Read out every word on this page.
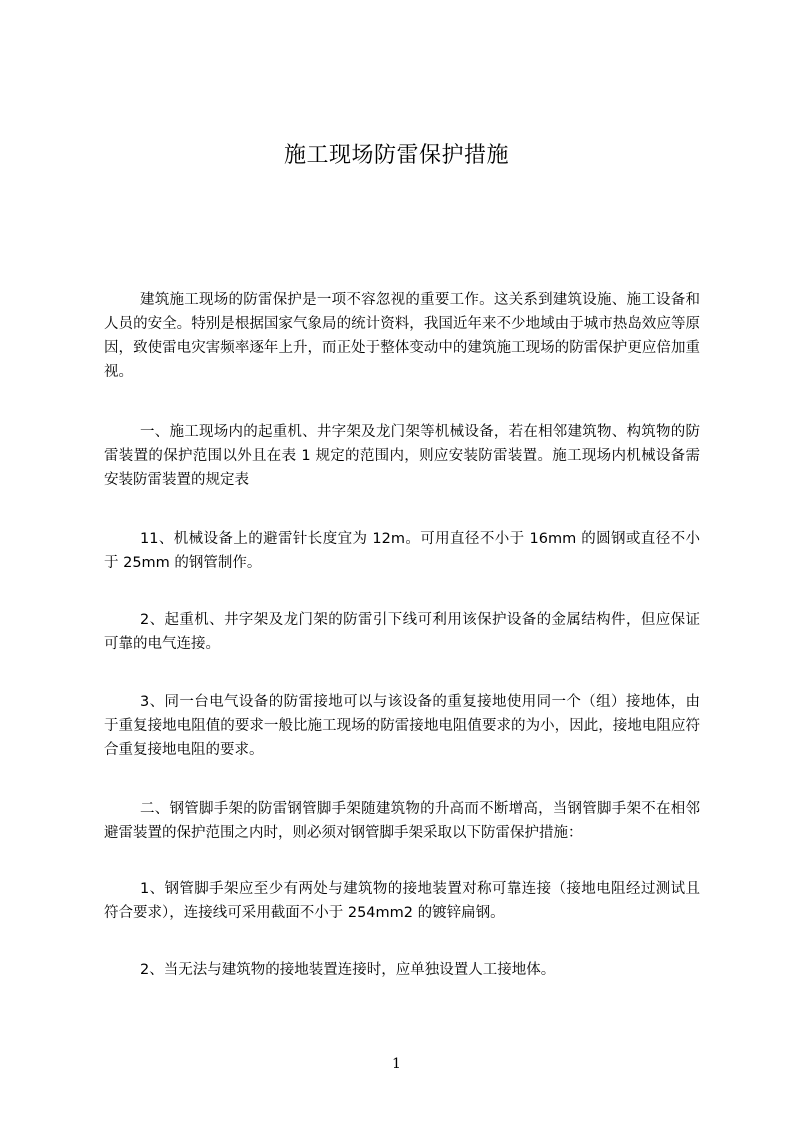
施工现场防雷保护措施

建筑施工现场的防雷保护是一项不容忽视的重要工作。这关系到建筑设施、施工设备和人员的安全。特别是根据国家气象局的统计资料，我国近年来不少地域由于城市热岛效应等原因，致使雷电灾害频率逐年上升，而正处于整体变动中的建筑施工现场的防雷保护更应倍加重视。

一、施工现场内的起重机、井字架及龙门架等机械设备，若在相邻建筑物、构筑物的防雷装置的保护范围以外且在表 1 规定的范围内，则应安装防雷装置。施工现场内机械设备需安装防雷装置的规定表

11、机械设备上的避雷针长度宜为 12m。可用直径不小于 16mm 的圆钢或直径不小于 25mm 的钢管制作。

2、起重机、井字架及龙门架的防雷引下线可利用该保护设备的金属结构件，但应保证可靠的电气连接。

3、同一台电气设备的防雷接地可以与该设备的重复接地使用同一个（组）接地体，由于重复接地电阻值的要求一般比施工现场的防雷接地电阻值要求的为小，因此，接地电阻应符合重复接地电阻的要求。

二、钢管脚手架的防雷钢管脚手架随建筑物的升高而不断增高，当钢管脚手架不在相邻避雷装置的保护范围之内时，则必须对钢管脚手架采取以下防雷保护措施：

1、钢管脚手架应至少有两处与建筑物的接地装置对称可靠连接（接地电阻经过测试且符合要求），连接线可采用截面不小于 254mm2 的镀锌扁钢。

2、当无法与建筑物的接地装置连接时，应单独设置人工接地体。

1
